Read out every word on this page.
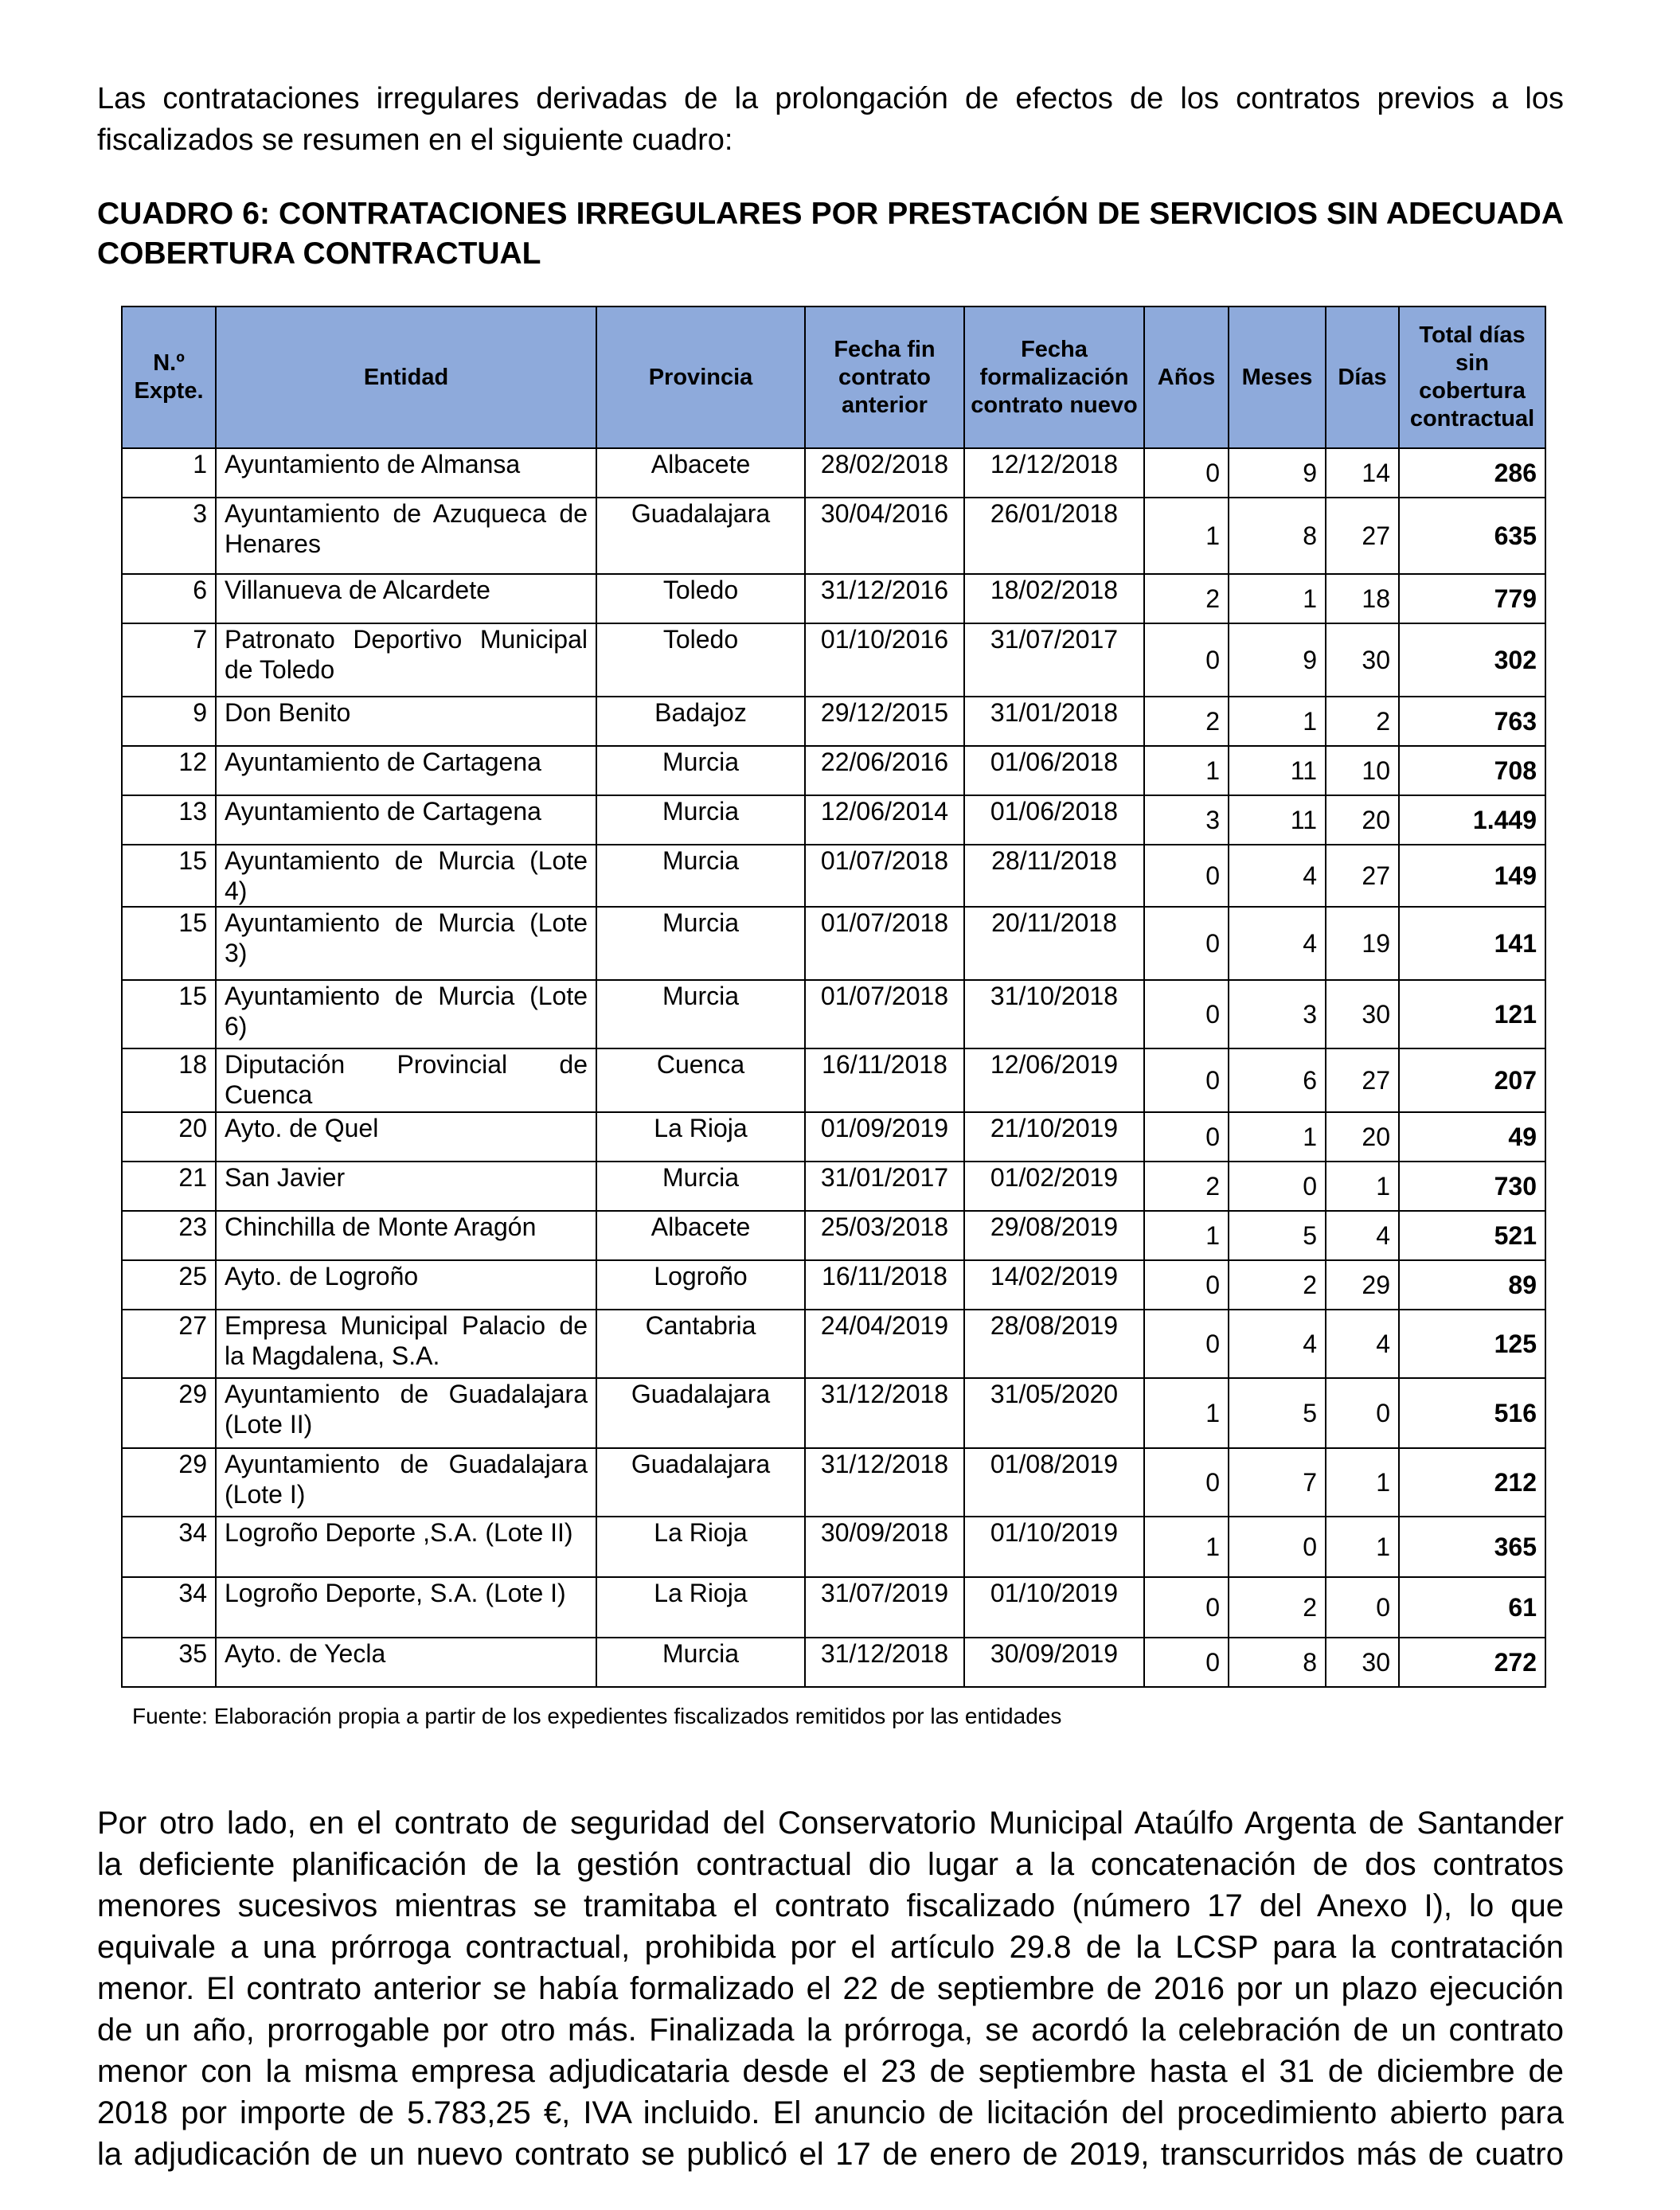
Las contrataciones irregulares derivadas de la prolongación de efectos de los contratos previos a los fiscalizados se resumen en el siguiente cuadro:

CUADRO 6: CONTRATACIONES IRREGULARES POR PRESTACIÓN DE SERVICIOS SIN ADECUADA COBERTURA CONTRACTUAL

N.º Expte.	Entidad	Provincia	Fecha fin contrato anterior	Fecha formalización contrato nuevo	Años	Meses	Días	Total días sin cobertura contractual
1	Ayuntamiento de Almansa	Albacete	28/02/2018	12/12/2018	0	9	14	286
3	Ayuntamiento de Azuqueca de Henares	Guadalajara	30/04/2016	26/01/2018	1	8	27	635
6	Villanueva de Alcardete	Toledo	31/12/2016	18/02/2018	2	1	18	779
7	Patronato Deportivo Municipal de Toledo	Toledo	01/10/2016	31/07/2017	0	9	30	302
9	Don Benito	Badajoz	29/12/2015	31/01/2018	2	1	2	763
12	Ayuntamiento de Cartagena	Murcia	22/06/2016	01/06/2018	1	11	10	708
13	Ayuntamiento de Cartagena	Murcia	12/06/2014	01/06/2018	3	11	20	1.449
15	Ayuntamiento de Murcia (Lote 4)	Murcia	01/07/2018	28/11/2018	0	4	27	149
15	Ayuntamiento de Murcia (Lote 3)	Murcia	01/07/2018	20/11/2018	0	4	19	141
15	Ayuntamiento de Murcia (Lote 6)	Murcia	01/07/2018	31/10/2018	0	3	30	121
18	Diputación Provincial de Cuenca	Cuenca	16/11/2018	12/06/2019	0	6	27	207
20	Ayto. de Quel	La Rioja	01/09/2019	21/10/2019	0	1	20	49
21	San Javier	Murcia	31/01/2017	01/02/2019	2	0	1	730
23	Chinchilla de Monte Aragón	Albacete	25/03/2018	29/08/2019	1	5	4	521
25	Ayto. de Logroño	Logroño	16/11/2018	14/02/2019	0	2	29	89
27	Empresa Municipal Palacio de la Magdalena, S.A.	Cantabria	24/04/2019	28/08/2019	0	4	4	125
29	Ayuntamiento de Guadalajara (Lote II)	Guadalajara	31/12/2018	31/05/2020	1	5	0	516
29	Ayuntamiento de Guadalajara (Lote I)	Guadalajara	31/12/2018	01/08/2019	0	7	1	212
34	Logroño Deporte ,S.A. (Lote II)	La Rioja	30/09/2018	01/10/2019	1	0	1	365
34	Logroño Deporte, S.A. (Lote I)	La Rioja	31/07/2019	01/10/2019	0	2	0	61
35	Ayto. de Yecla	Murcia	31/12/2018	30/09/2019	0	8	30	272

Fuente: Elaboración propia a partir de los expedientes fiscalizados remitidos por las entidades

Por otro lado, en el contrato de seguridad del Conservatorio Municipal Ataúlfo Argenta de Santander
la deficiente planificación de la gestión contractual dio lugar a la concatenación de dos contratos
menores sucesivos mientras se tramitaba el contrato fiscalizado (número 17 del Anexo I), lo que
equivale a una prórroga contractual, prohibida por el artículo 29.8 de la LCSP para la contratación
menor. El contrato anterior se había formalizado el 22 de septiembre de 2016 por un plazo ejecución
de un año, prorrogable por otro más. Finalizada la prórroga, se acordó la celebración de un contrato
menor con la misma empresa adjudicataria desde el 23 de septiembre hasta el 31 de diciembre de
2018 por importe de 5.783,25 €, IVA incluido. El anuncio de licitación del procedimiento abierto para
la adjudicación de un nuevo contrato se publicó el 17 de enero de 2019, transcurridos más de cuatro
